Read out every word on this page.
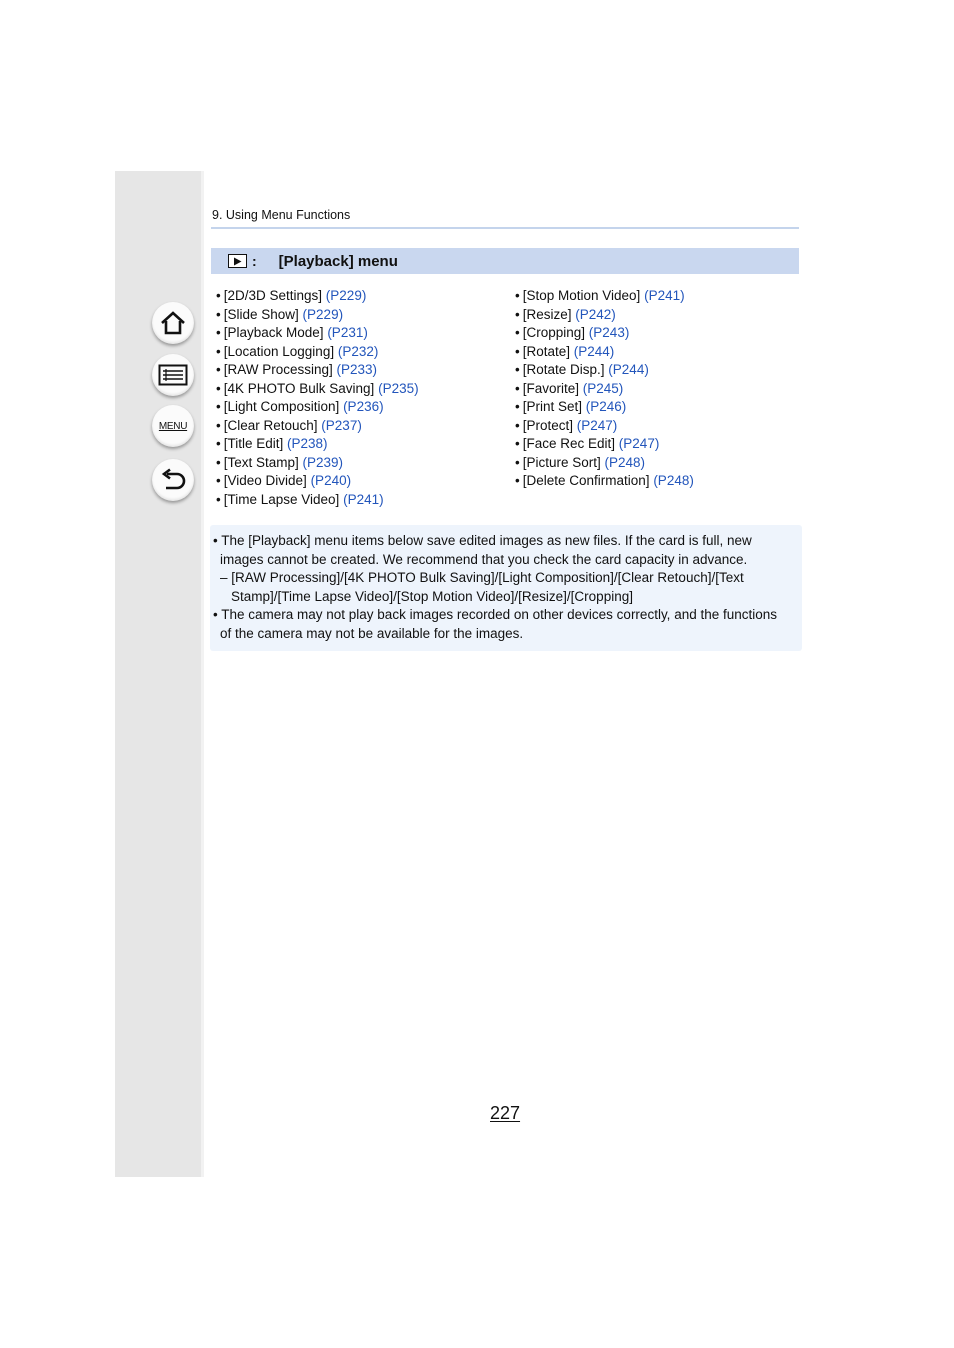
MENU
9. Using Menu Functions
: [Playback] menu
• [2D/3D Settings] (P229)
• [Slide Show] (P229)
• [Playback Mode] (P231)
• [Location Logging] (P232)
• [RAW Processing] (P233)
• [4K PHOTO Bulk Saving] (P235)
• [Light Composition] (P236)
• [Clear Retouch] (P237)
• [Title Edit] (P238)
• [Text Stamp] (P239)
• [Video Divide] (P240)
• [Time Lapse Video] (P241)
• [Stop Motion Video] (P241)
• [Resize] (P242)
• [Cropping] (P243)
• [Rotate] (P244)
• [Rotate Disp.] (P244)
• [Favorite] (P245)
• [Print Set] (P246)
• [Protect] (P247)
• [Face Rec Edit] (P247)
• [Picture Sort] (P248)
• [Delete Confirmation] (P248)
• The [Playback] menu items below save edited images as new files. If the card is full, new
images cannot be created. We recommend that you check the card capacity in advance.
– [RAW Processing]/[4K PHOTO Bulk Saving]/[Light Composition]/[Clear Retouch]/[Text
Stamp]/[Time Lapse Video]/[Stop Motion Video]/[Resize]/[Cropping]
• The camera may not play back images recorded on other devices correctly, and the functions
of the camera may not be available for the images.
227
